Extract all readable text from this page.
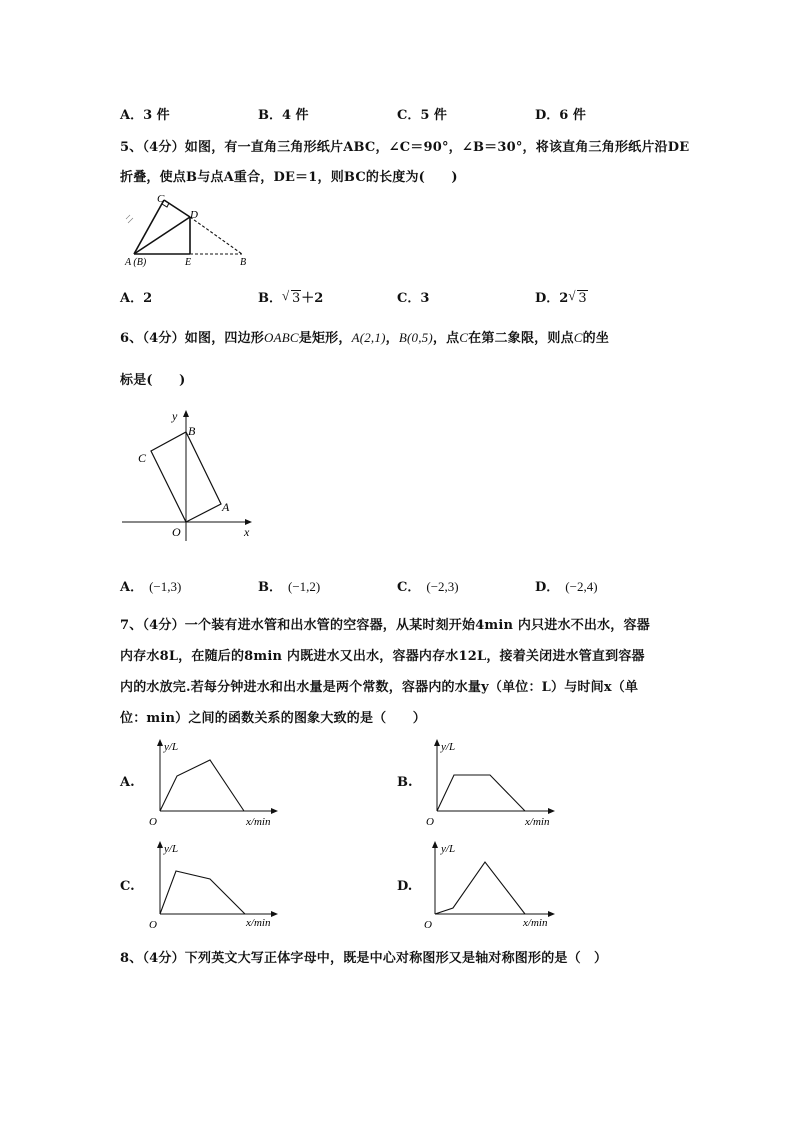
A．3 件	B．4 件	C．5 件	D．6 件
5、（4分）如图，有一直角三角形纸片ABC，∠C＝90°，∠B＝30°，将该直角三角形纸片沿DE
折叠，使点B与点A重合，DE＝1，则BC的长度为(　　)
C
D
A (B)	E	B
A．2	B． √ 3＋2	C．3	D．2 √ 3
6、（4分）如图，四边形OABC是矩形，A(2,1)，B(0,5)，点C在第二象限，则点C的坐
标是(　　)
y
B
C
A
O	x
A． (−1,3)	B． (−1,2)	C． (−2,3)	D． (−2,4)
7、（4分）一个装有进水管和出水管的空容器，从某时刻开始4min 内只进水不出水，容器
内存水8L，在随后的8min 内既进水又出水，容器内存水12L，接着关闭进水管直到容器
内的水放完.若每分钟进水和出水量是两个常数，容器内的水量y（单位：L）与时间x（单
位：min）之间的函数关系的图象大致的是（　　）
A.	B.
C.	D.
y/L
O	x/min
y/L
O	x/min
y/L
O	x/min
y/L
O	x/min
8、（4分）下列英文大写正体字母中，既是中心对称图形又是轴对称图形的是（　）
